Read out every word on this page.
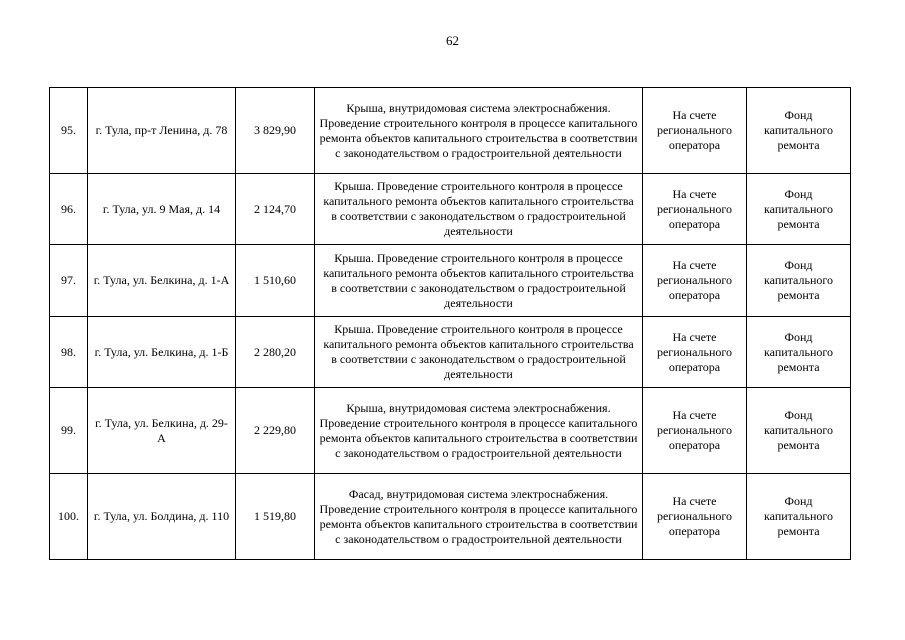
62
95.	г. Тула, пр-т Ленина, д. 78	3 829,90	Крыша, внутридомовая система электроснабжения. Проведение строительного контроля в процессе капитального ремонта объектов капитального строительства в соответствии с законодательством о градостроительной деятельности	На счете регионального оператора	Фонд капитального ремонта
96.	г. Тула, ул. 9 Мая, д. 14	2 124,70	Крыша. Проведение строительного контроля в процессе капитального ремонта объектов капитального строительства в соответствии с законодательством о градостроительной деятельности	На счете регионального оператора	Фонд капитального ремонта
97.	г. Тула, ул. Белкина, д. 1-А	1 510,60	Крыша. Проведение строительного контроля в процессе капитального ремонта объектов капитального строительства в соответствии с законодательством о градостроительной деятельности	На счете регионального оператора	Фонд капитального ремонта
98.	г. Тула, ул. Белкина, д. 1-Б	2 280,20	Крыша. Проведение строительного контроля в процессе капитального ремонта объектов капитального строительства в соответствии с законодательством о градостроительной деятельности	На счете регионального оператора	Фонд капитального ремонта
99.	г. Тула, ул. Белкина, д. 29-А	2 229,80	Крыша, внутридомовая система электроснабжения. Проведение строительного контроля в процессе капитального ремонта объектов капитального строительства в соответствии с законодательством о градостроительной деятельности	На счете регионального оператора	Фонд капитального ремонта
100.	г. Тула, ул. Болдина, д. 110	1 519,80	Фасад, внутридомовая система электроснабжения. Проведение строительного контроля в процессе капитального ремонта объектов капитального строительства в соответствии с законодательством о градостроительной деятельности	На счете регионального оператора	Фонд капитального ремонта
